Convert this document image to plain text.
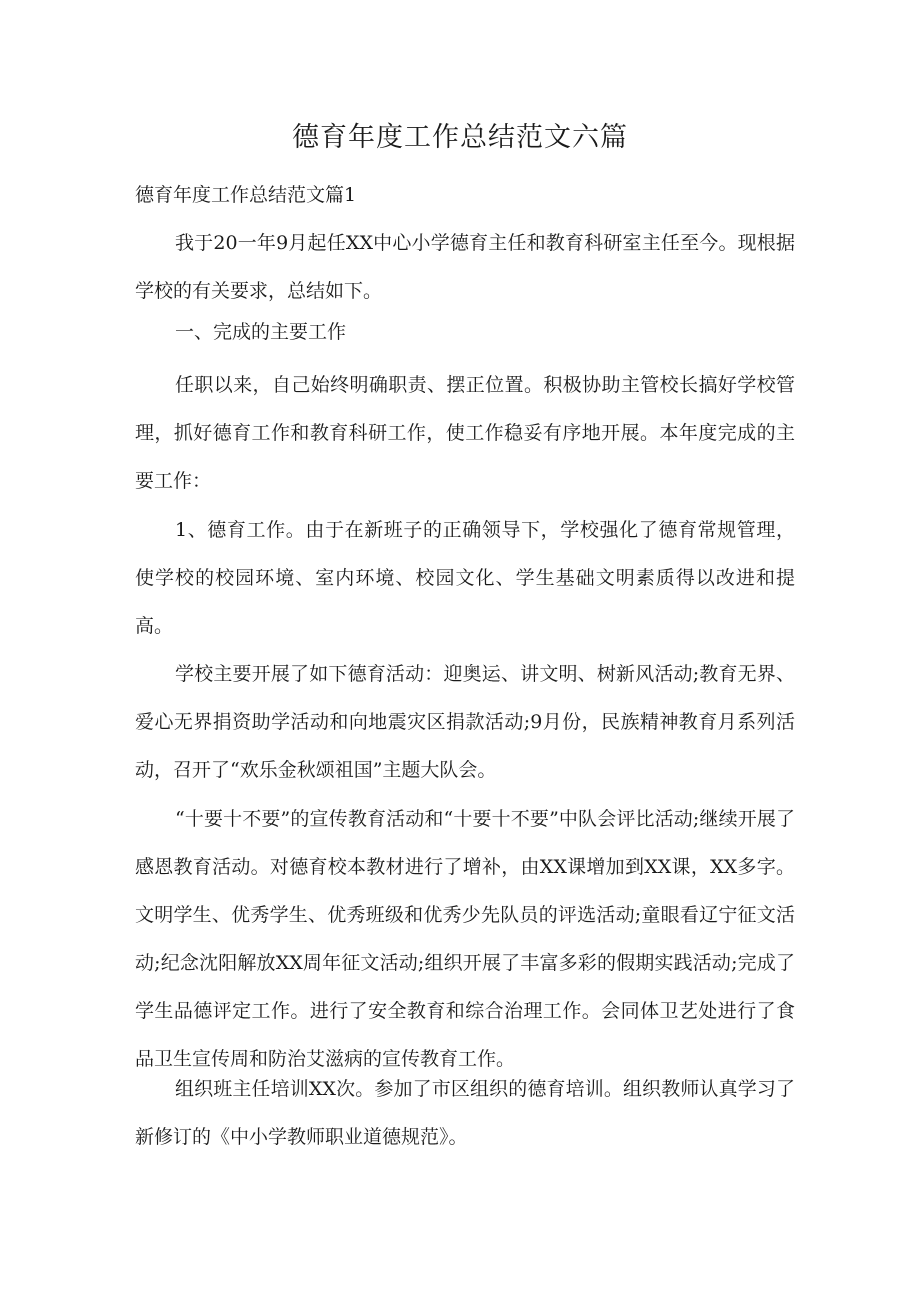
德育年度工作总结范文六篇
德育年度工作总结范文篇1

我于20一年9月起任XX中心小学德育主任和教育科研室主任至今。现根据学校的有关要求，总结如下。

一、完成的主要工作

任职以来，自己始终明确职责、摆正位置。积极协助主管校长搞好学校管理，抓好德育工作和教育科研工作，使工作稳妥有序地开展。本年度完成的主要工作：

1、德育工作。由于在新班子的正确领导下，学校强化了德育常规管理，使学校的校园环境、室内环境、校园文化、学生基础文明素质得以改进和提高。

学校主要开展了如下德育活动：迎奥运、讲文明、树新风活动;教育无界、爱心无界捐资助学活动和向地震灾区捐款活动;9月份，民族精神教育月系列活动，召开了“欢乐金秋颂祖国”主题大队会。

“十要十不要”的宣传教育活动和“十要十不要”中队会评比活动;继续开展了感恩教育活动。对德育校本教材进行了增补，由XX课增加到XX课，XX多字。文明学生、优秀学生、优秀班级和优秀少先队员的评选活动;童眼看辽宁征文活动;纪念沈阳解放XX周年征文活动;组织开展了丰富多彩的假期实践活动;完成了学生品德评定工作。进行了安全教育和综合治理工作。会同体卫艺处进行了食品卫生宣传周和防治艾滋病的宣传教育工作。

组织班主任培训XX次。参加了市区组织的德育培训。组织教师认真学习了新修订的《中小学教师职业道德规范》。
